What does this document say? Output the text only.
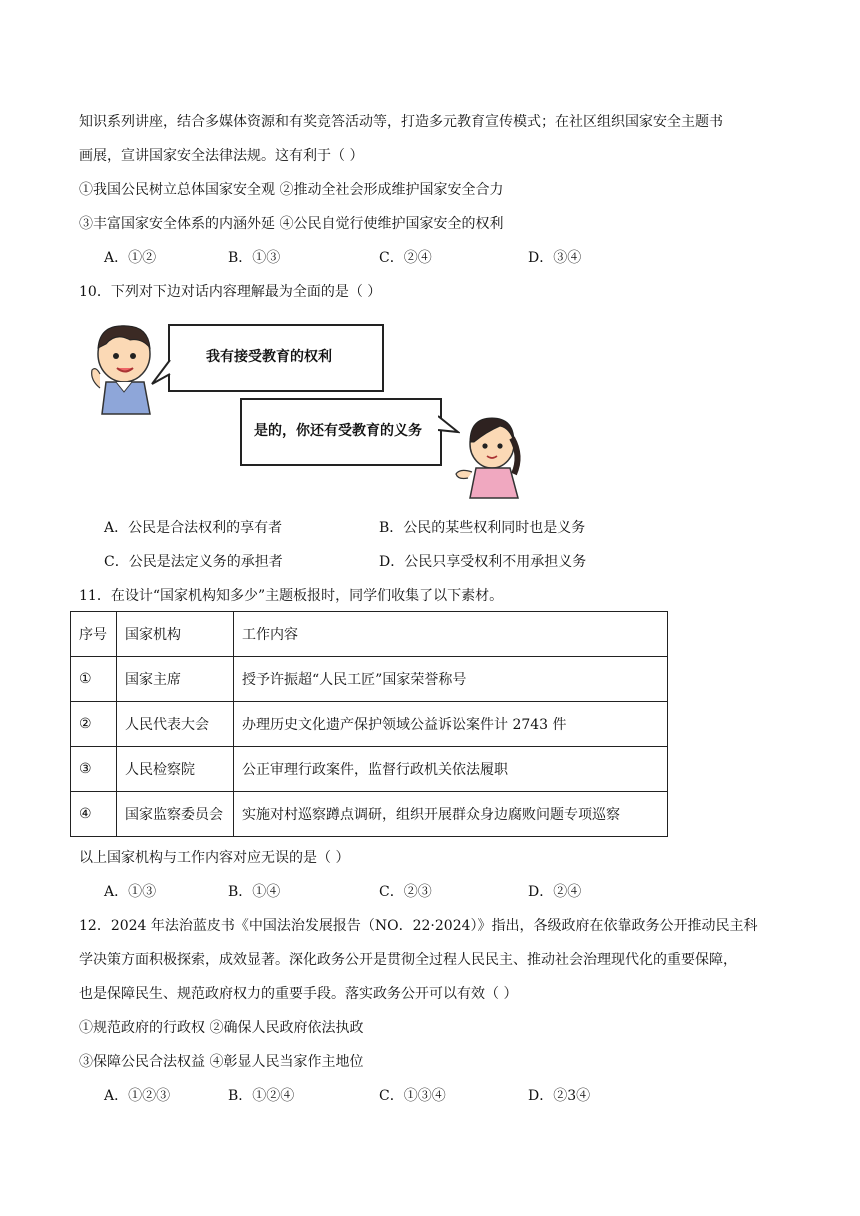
知识系列讲座，结合多媒体资源和有奖竞答活动等，打造多元教育宣传模式；在社区组织国家安全主题书
画展，宣讲国家安全法律法规。这有利于（ ）
①我国公民树立总体国家安全观 ②推动全社会形成维护国家安全合力
③丰富国家安全体系的内涵外延 ④公民自觉行使维护国家安全的权利
A．①②	B．①③	C．②④	D．③④
10．下列对下边对话内容理解最为全面的是（ ）
我有接受教育的权利
是的，你还有受教育的义务
A．公民是合法权利的享有者	B．公民的某些权利同时也是义务
C．公民是法定义务的承担者	D．公民只享受权利不用承担义务
11．在设计“国家机构知多少”主题板报时，同学们收集了以下素材。
序号	国家机构	工作内容
①	国家主席	授予许振超“人民工匠”国家荣誉称号
②	人民代表大会	办理历史文化遗产保护领域公益诉讼案件计 2743 件
③	人民检察院	公正审理行政案件，监督行政机关依法履职
④	国家监察委员会	实施对村巡察蹲点调研，组织开展群众身边腐败问题专项巡察
以上国家机构与工作内容对应无误的是（ ）
A．①③	B．①④	C．②③	D．②④
12．2024 年法治蓝皮书《中国法治发展报告（NO．22·2024）》指出，各级政府在依靠政务公开推动民主科
学决策方面积极探索，成效显著。深化政务公开是贯彻全过程人民民主、推动社会治理现代化的重要保障，
也是保障民生、规范政府权力的重要手段。落实政务公开可以有效（ ）
①规范政府的行政权 ②确保人民政府依法执政
③保障公民合法权益 ④彰显人民当家作主地位
A．①②③	B．①②④	C．①③④	D．②3④
